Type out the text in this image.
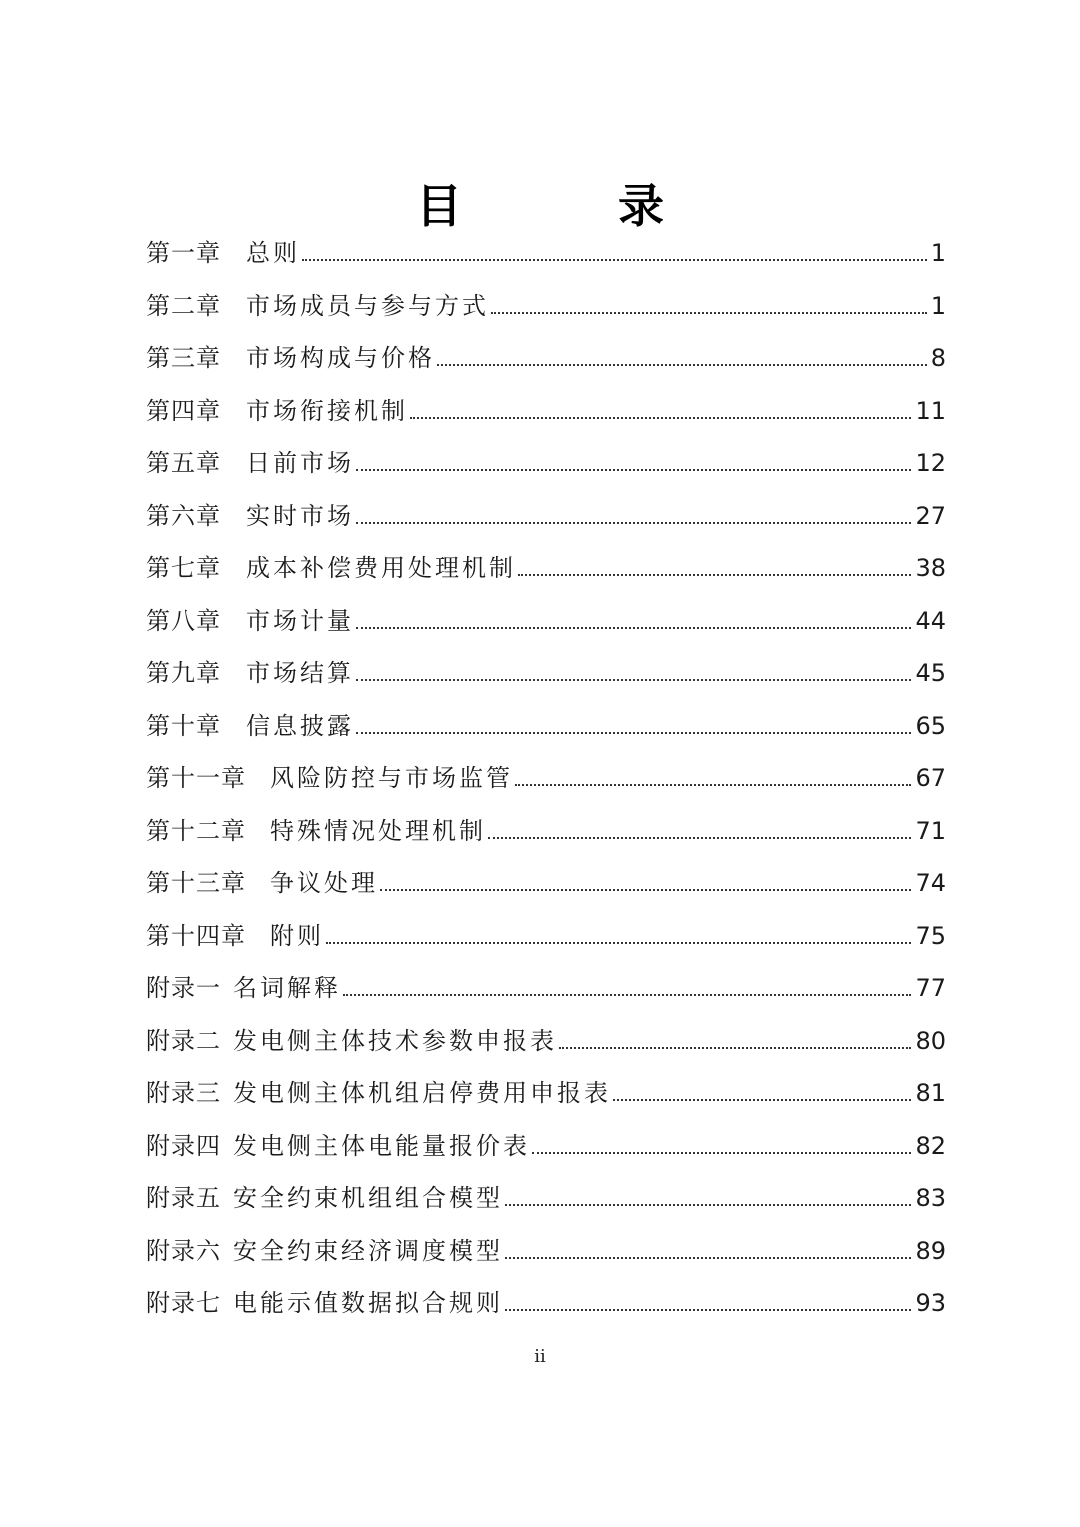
目 录
第一章	总则	1
第二章	市场成员与参与方式	1
第三章	市场构成与价格	8
第四章	市场衔接机制	11
第五章	日前市场	12
第六章	实时市场	27
第七章	成本补偿费用处理机制	38
第八章	市场计量	44
第九章	市场结算	45
第十章	信息披露	65
第十一章	风险防控与市场监管	67
第十二章	特殊情况处理机制	71
第十三章	争议处理	74
第十四章	附则	75
附录一 名词解释	77
附录二 发电侧主体技术参数申报表	80
附录三 发电侧主体机组启停费用申报表	81
附录四 发电侧主体电能量报价表	82
附录五 安全约束机组组合模型	83
附录六 安全约束经济调度模型	89
附录七 电能示值数据拟合规则	93
ii
